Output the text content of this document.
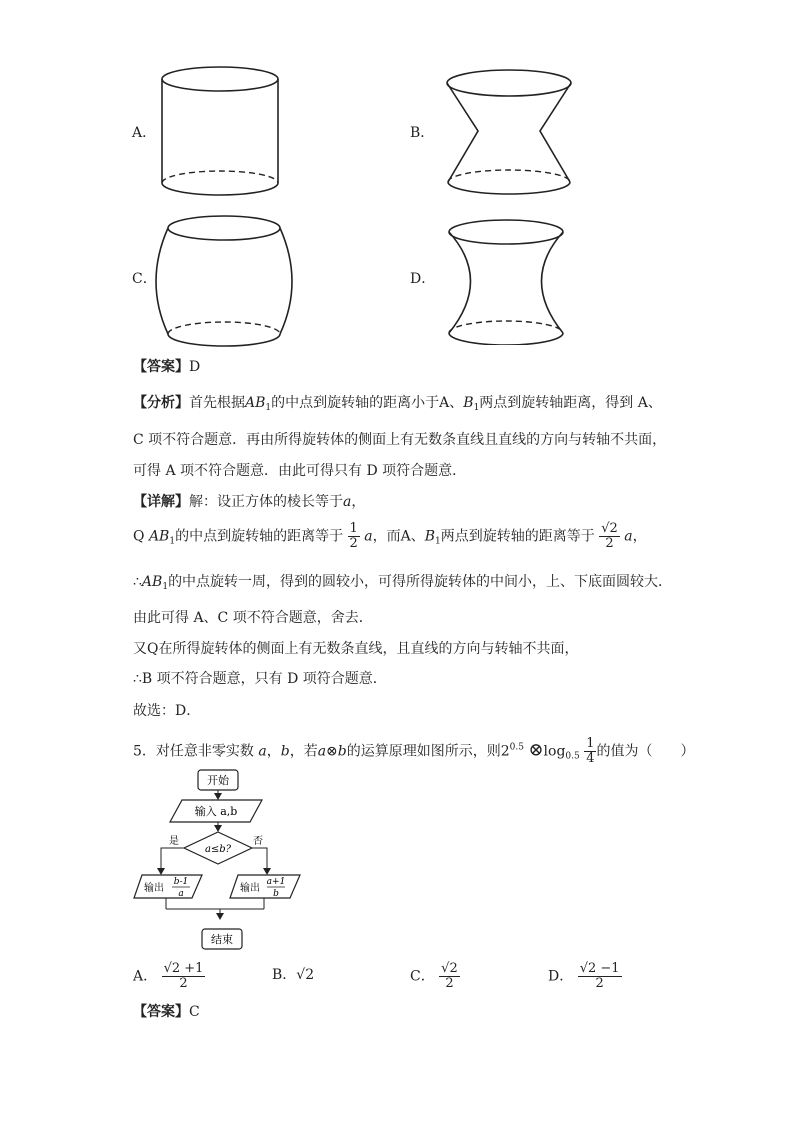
A．	B．
C．	D．
【答案】D
【分析】首先根据$AB_1$的中点到旋转轴的距离小于A、$B_1$两点到旋转轴距离，得到 A、
C 项不符合题意．再由所得旋转体的侧面上有无数条直线且直线的方向与转轴不共面，
可得 A 项不符合题意．由此可得只有 D 项符合题意．
【详解】解：设正方体的棱长等于a，
Q $AB_1$的中点到旋转轴的距离等于 $\frac{1}{2}$ a，而A、$B_1$两点到旋转轴的距离等于 $\frac{√2}{2}$ a，
$\therefore AB_1$的中点旋转一周，得到的圆较小，可得所得旋转体的中间小，上、下底面圆较大．
由此可得 A、C 项不符合题意，舍去．
又Q在所得旋转体的侧面上有无数条直线，且直线的方向与转轴不共面，
∴B 项不符合题意，只有 D 项符合题意．
故选：D．
5．对任意非零实数 a，b，若a⊗b的运算原理如图所示，则$2^{0.5}$ $\otimes\log_{0.5} \frac{1}{4}$ 的值为（　　）
开始
输入 a,b
a≤b?
是	否
输出
b-1
a	输出
a+1
b
结束
A． $\frac{√2 +1}{2}$	B．√2	C． $\frac{√2}{2}$	D． $\frac{√2 -1}{2}$
【答案】C
